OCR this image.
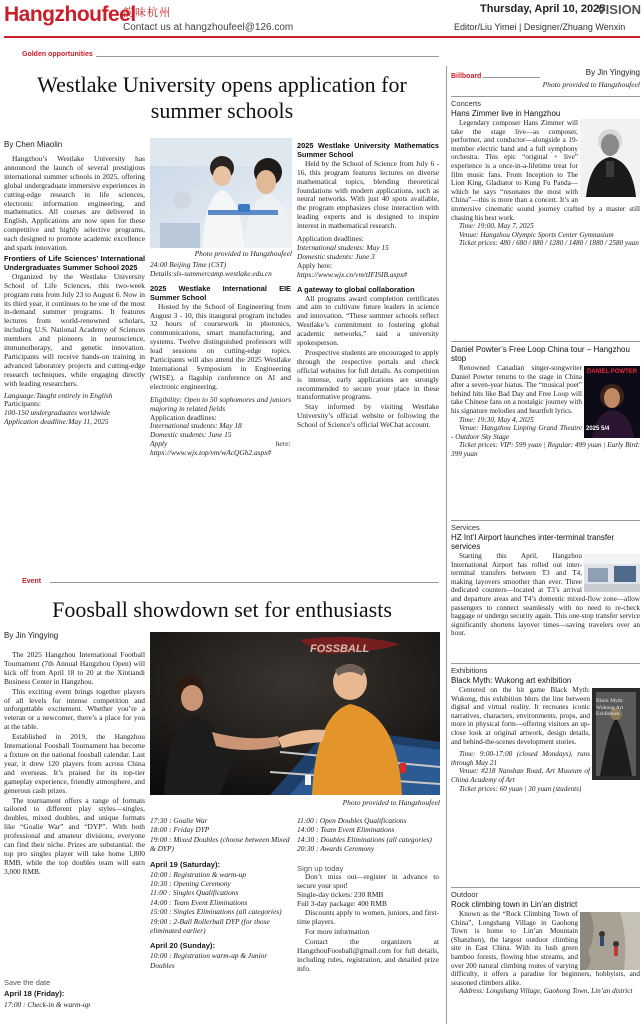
Hangzhoufeel
韵味杭州
Contact us at hangzhoufeel@126.com
Thursday, April 10, 2025
VISION
Editor/Liu Yimei | Designer/Zhuang Wenxin
Golden opportunities
Westlake University opens application for summer schools
By Chen Miaolin

Hangzhou’s Westlake University has announced the launch of several prestigious international summer schools in 2025, offering global undergraduate immersive experiences in cutting-edge research in life sciences, electronic information engineering, and mathematics. All courses are delivered in English. Applications are now open for these competitive and highly selective programs, each designed to promote academic excellence and spark innovation.

Frontiers of Life Sciences’ International Undergraduates Summer School 2025

Organized by the Westlake University School of Life Sciences, this two-week program runs from July 23 to August 6. Now in its third year, it continues to be one of the most in-demand summer programs. It features lectures from world-renowned scholars, including U.S. National Academy of Sciences members and pioneers in neuroscience, immunotherapy, and genetic innovation. Participants will receive hands-on training in advanced laboratory projects and cutting-edge research techniques, while engaging directly with leading researchers.

Language:Taught entirely in English
Participants:
100-150 undergraduates worldwide
Application deadline:May 11, 2025
Photo provided to Hangzhoufeel
24:00 Beijing Time (CST)
Details:sls-summercamp.westlake.edu.cn
2025 Westlake International EIE Summer School

Hosted by the School of Engineering from August 3 - 10, this inaugural program includes 32 hours of coursework in photonics, communications, smart manufacturing, and systems. Twelve distinguished professors will lead sessions on cutting-edge topics. Participants will also attend the 2025 Westlake International Symposium in Engineering (WISE), a flagship conference on AI and electronic engineering.

Eligibility: Open to 50 sophomores and juniors majoring in related fields
Application deadlines:
International students: May 18
Domestic students: June 15
Apply here: https://www.wjx.top/vm/wAcQGb2.aspx#
2025 Westlake University Mathematics Summer School

Held by the School of Science from July 6 - 16, this program features lectures on diverse mathematical topics, blending theoretical foundations with modern applications, such as neural networks. With just 40 spots available, the program emphasizes close interaction with leading experts and is designed to inspire interest in mathematical research.

Application deadlines:
International students: May 15
Domestic students: June 3
Apply here:
https://www.wjx.cn/vm/tIFISIB.aspx#
A gateway to global collaboration

All programs award completion certificates and aim to cultivate future leaders in science and innovation. “These summer schools reflect Westlake’s commitment to fostering global academic networks,” said a university spokesperson.

Prospective students are encouraged to apply through the respective portals and check official websites for full details. As competition is intense, early applications are strongly recommended to secure your place in these transformative programs.

Stay informed by visiting Westlake University’s official website or following the School of Science’s official WeChat account.

Event
Foosball showdown set for enthusiasts
By Jin Yingying

The 2025 Hangzhou International Football Tournament (7th Annual Hangzhou Open) will kick off from April 18 to 20 at the Xintiandi Business Center in Hangzhou.

This exciting event brings together players of all levels for intense competition and unforgettable excitement. Whether you’re a veteran or a newcomer, there’s a place for you at the table.

Established in 2019, the Hangzhou International Foosball Tournament has become a fixture on the national foosball calendar. Last year, it drew 120 players from across China and overseas. It’s praised for its top-tier gameplay experience, friendly atmosphere, and generous cash prizes.

The tournament offers a range of formats tailored to different play styles—singles, doubles, mixed doubles, and unique formats like “Goalie War” and “DYP”. With both professional and amateur divisions, everyone can find their niche. Prizes are substantial: the top pro singles player will take home 1,800 RMB, while the top doubles team will earn 3,000 RMB.

Save the date
April 18 (Friday):
17:00 : Check-in & warm-up
FOSSBALL
Photo provided to Hangzhoufeel
17:30 : Goalie War
18:00 : Friday DYP
19:00 : Mixed Doubles (choose between Mixed & DYP)
April 19 (Saturday):
10:00 : Registration & warm-up
10:30 : Opening Ceremony
11:00 : Singles Qualifications
14:00 : Team Event Eliminations
15:00 : Singles Eliminations (all categories)
19:00 : 2-Ball Rollerball DYP (for those eliminated earlier)
April 20 (Sunday):
10:00 : Registration warm-up & Junior Doubles
11:00 : Open Doubles Qualifications
14:00 : Team Event Eliminations
14:30 : Doubles Eliminations (all categories)
20:30 : Awards Ceremony
Sign up today

Don’t miss out—register in advance to secure your spot!

Single-day tickets: 230 RMB
Full 3-day package: 400 RMB

Discounts apply to women, juniors, and first-time players.

For more information

Contact the organizers at HangzhouFoosball@gmail.com for full details, including rules, registration, and detailed prize info.

Billboard	By Jin Yingying
Photo provided to Hangzhoufeel
Concerts
Hans Zimmer live in Hangzhou

Legendary composer Hans Zimmer will take the stage live—as composer, performer, and conductor—alongside a 19-member electric band and a full symphony orchestra. This epic “original + live” experience is a once-in-a-lifetime treat for film music fans. From Inception to The Lion King, Gladiator to Kung Fu Panda—which he says “resonates the most with China”—this is more than a concert. It’s an immersive cinematic sound journey crafted by a master still chasing his best work.

Time: 19:00, May 7, 2025
Venue: Hangzhou Olympic Sports Center Gymnasium
Ticket prices: 480 / 680 / 880 / 1280 / 1480 / 1880 / 2580 yuan
Daniel Powter’s Free Loop China tour – Hangzhou stop
DANIEL POWTER
2025 5/4

Renowned Canadian singer-songwriter Daniel Powter returns to the stage in China after a seven-year hiatus. The “musical poet” behind hits like Bad Day and Free Loop will take Chinese fans on a nostalgic journey with his signature melodies and heartfelt lyrics.

Time: 19:30, May 4, 2025
Venue: Hangzhou Linping Grand Theatre - Outdoor Sky Stage
Ticket prices: VIP: 599 yuan | Regular: 499 yuan | Early Bird: 399 yuan
Services
HZ Int’l Airport launches inter-terminal transfer services

Starting this April, Hangzhou International Airport has rolled out inter-terminal transfers between T3 and T4, making layovers smoother than ever. Three dedicated counters—located at T3’s arrival and departure areas and T4’s domestic mixed-flow zone—allow passengers to connect seamlessly with no need to re-check baggage or undergo security again. This one-stop transfer service significantly shortens layover times—saving travelers over an hour.

Exhibitions
Black Myth: Wukong art exhibition
Black Myth: Wukong Art Exhibition

Centered on the hit game Black Myth: Wukong, this exhibition blurs the line between digital and virtual reality. It recreates iconic narratives, characters, environments, props, and more in physical form—offering visitors an up-close look at original artwork, design details, and behind-the-scenes development stories.

Time: 9:00-17:00 (closed Mondays), runs through May 21
Venue: #218 Nanshan Road, Art Museum of China Academy of Art
Ticket prices: 60 yuan | 30 yuan (students)
Outdoor
Rock climbing town in Lin’an district

Known as the “Rock Climbing Town of China”, Longshang Village in Gaohong Town is home to Lin’an Mountain (Shanzhen), the largest outdoor climbing site in East China. With its lush green bamboo forests, flowing blue streams, and over 200 natural climbing routes of varying difficulty, it offers a paradise for beginners, hobbyists, and seasoned climbers alike.

Address: Longshang Village, Gaohong Town, Lin’an district
